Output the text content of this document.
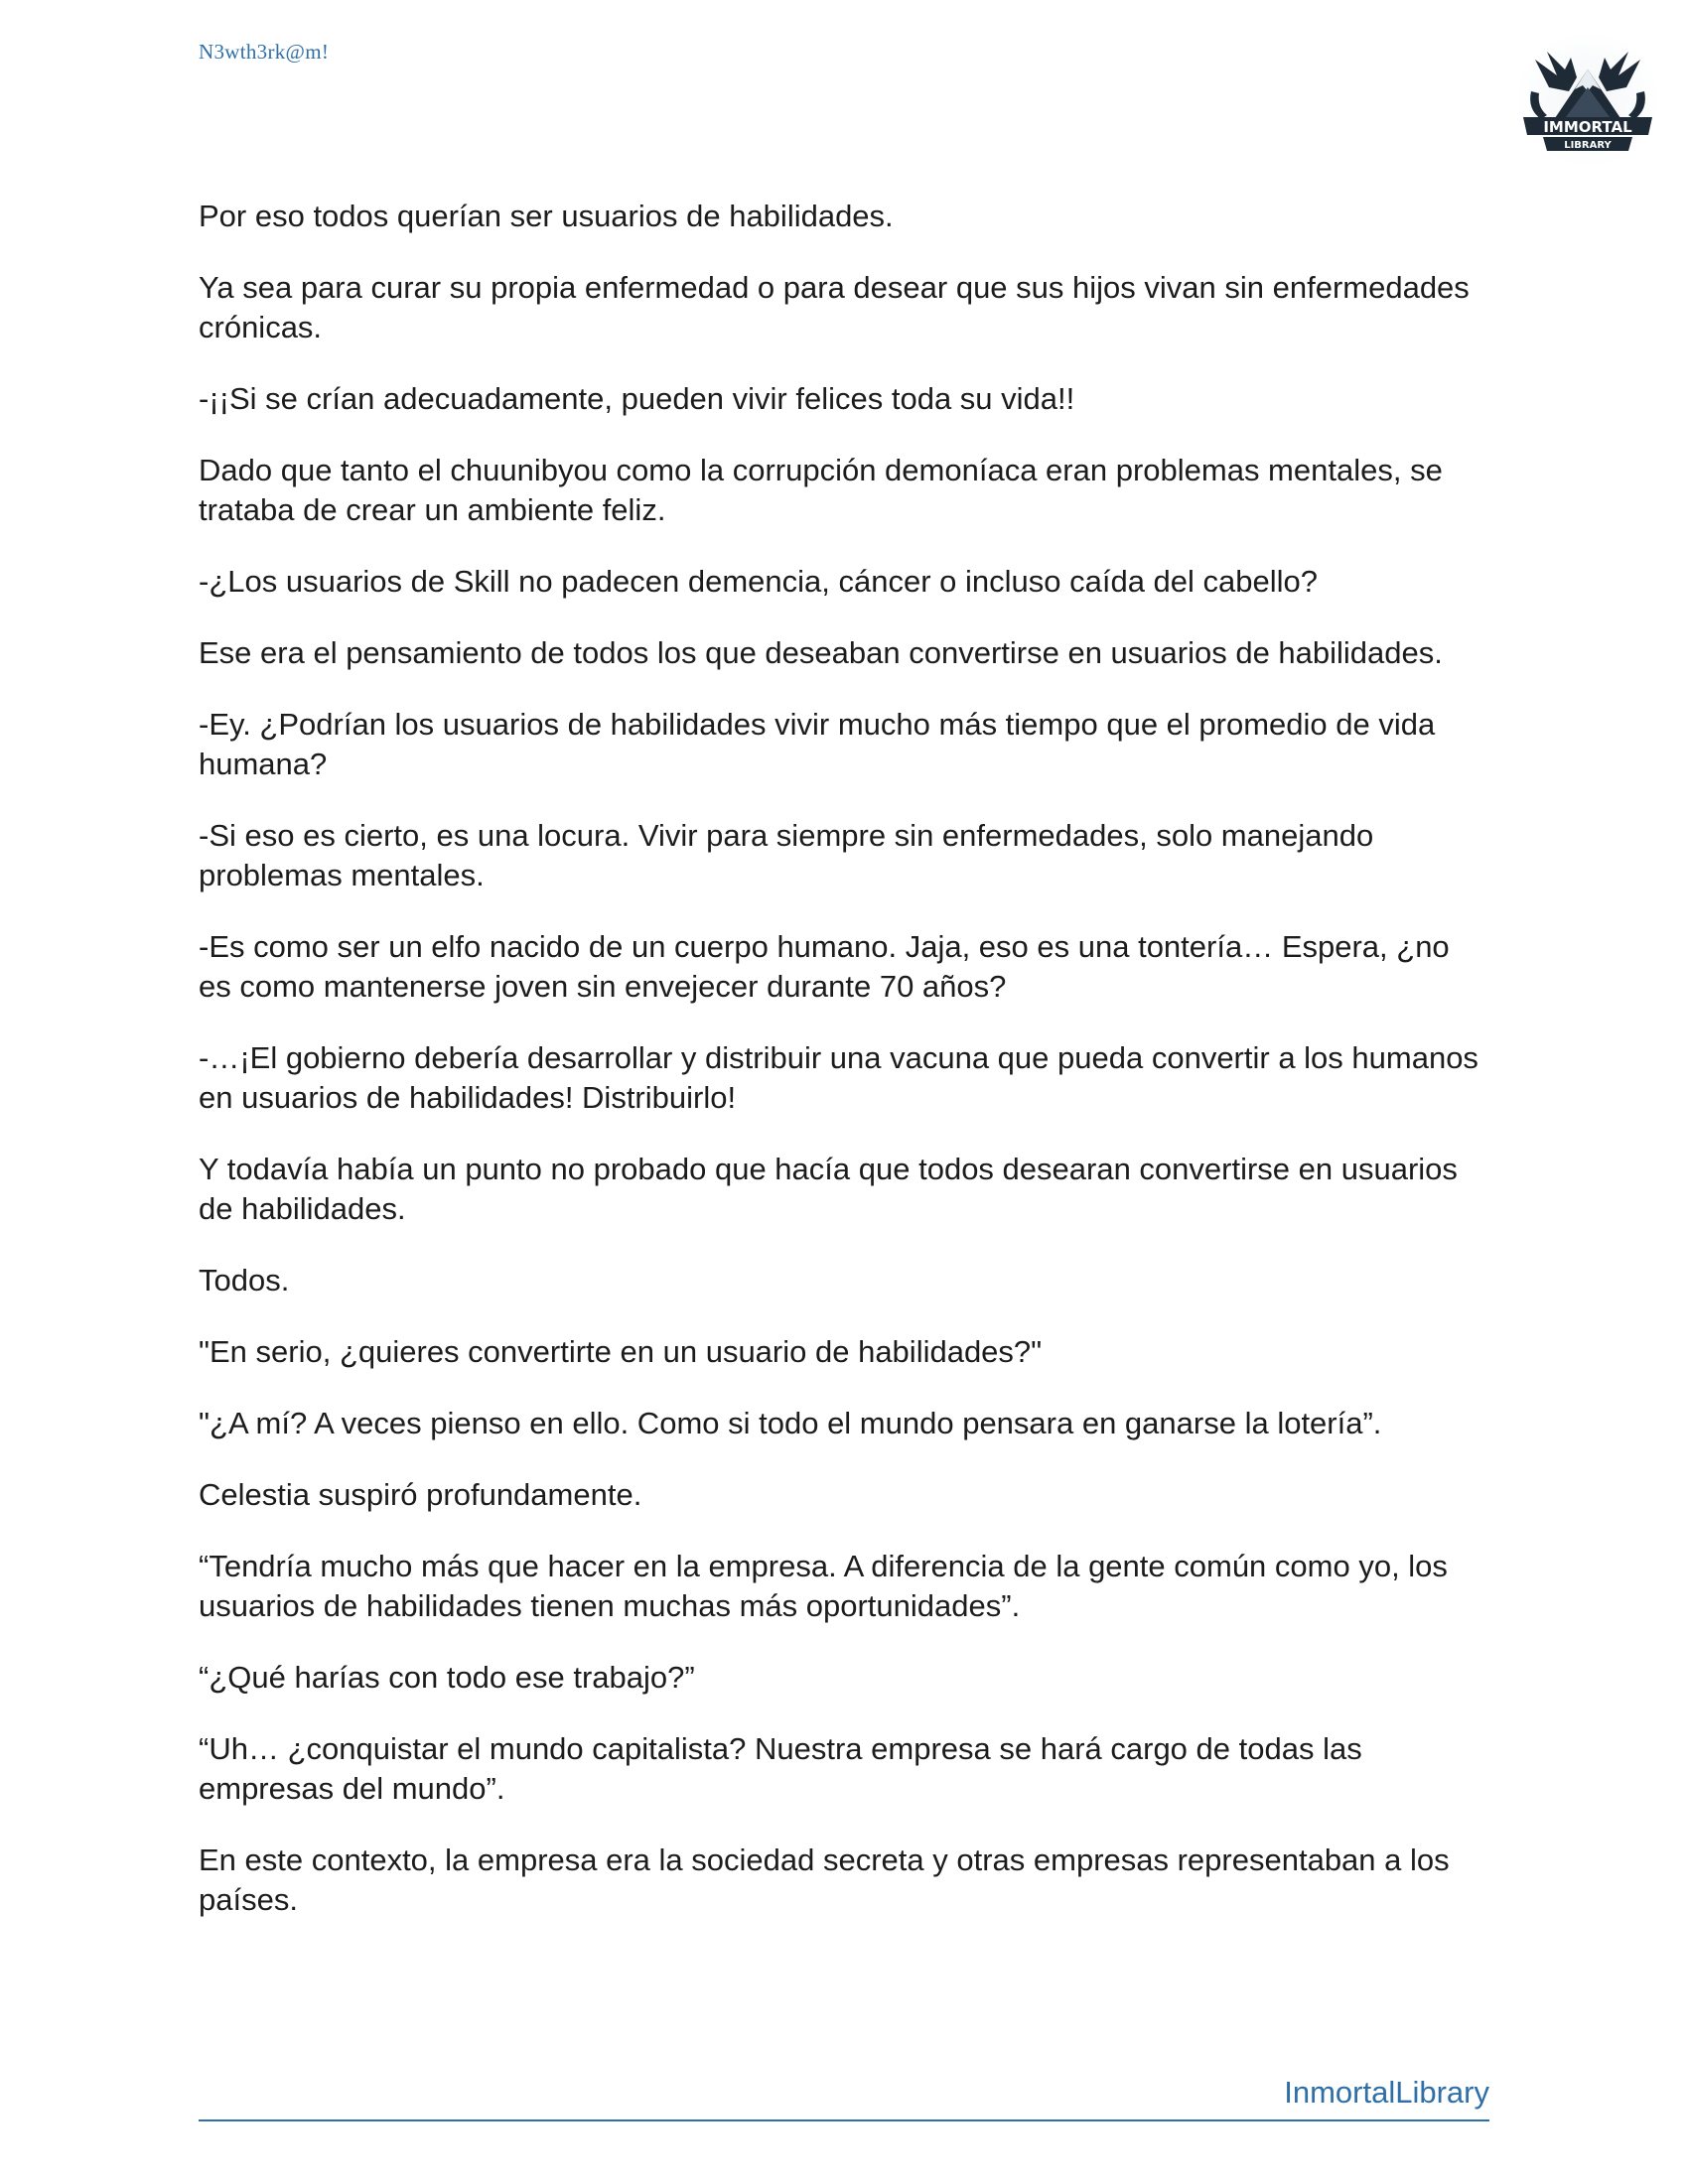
N3wth3rk@m!
IMMORTAL
LIBRARY

Por eso todos querían ser usuarios de habilidades.

Ya sea para curar su propia enfermedad o para desear que sus hijos vivan sin enfermedades crónicas.

-¡¡Si se crían adecuadamente, pueden vivir felices toda su vida!!

Dado que tanto el chuunibyou como la corrupción demoníaca eran problemas mentales, se trataba de crear un ambiente feliz.

-¿Los usuarios de Skill no padecen demencia, cáncer o incluso caída del cabello?

Ese era el pensamiento de todos los que deseaban convertirse en usuarios de habilidades.

-Ey. ¿Podrían los usuarios de habilidades vivir mucho más tiempo que el promedio de vida humana?

-Si eso es cierto, es una locura. Vivir para siempre sin enfermedades, solo manejando problemas mentales.

-Es como ser un elfo nacido de un cuerpo humano. Jaja, eso es una tontería… Espera, ¿no es como mantenerse joven sin envejecer durante 70 años?

-…¡El gobierno debería desarrollar y distribuir una vacuna que pueda convertir a los humanos en usuarios de habilidades! Distribuirlo!

Y todavía había un punto no probado que hacía que todos desearan convertirse en usuarios de habilidades.

Todos.

"En serio, ¿quieres convertirte en un usuario de habilidades?"

"¿A mí? A veces pienso en ello. Como si todo el mundo pensara en ganarse la lotería”.

Celestia suspiró profundamente.

“Tendría mucho más que hacer en la empresa. A diferencia de la gente común como yo, los usuarios de habilidades tienen muchas más oportunidades”.

“¿Qué harías con todo ese trabajo?”

“Uh… ¿conquistar el mundo capitalista? Nuestra empresa se hará cargo de todas las empresas del mundo”.

En este contexto, la empresa era la sociedad secreta y otras empresas representaban a los países.

InmortalLibrary
